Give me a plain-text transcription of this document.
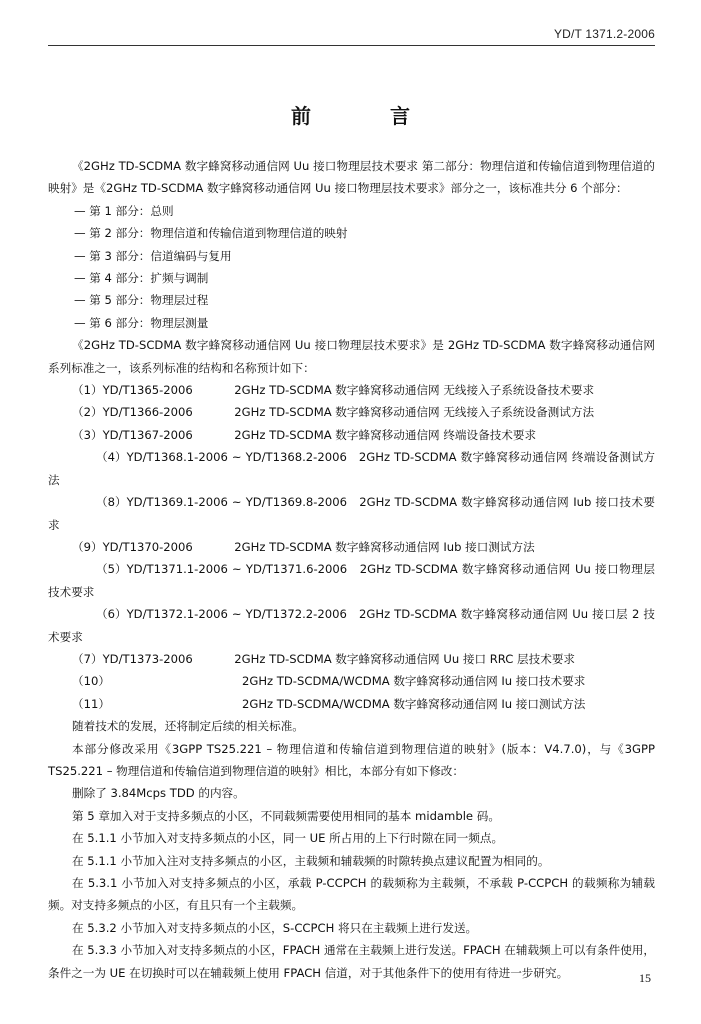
YD/T 1371.2-2006
前 言

《2GHz TD-SCDMA 数字蜂窝移动通信网 Uu 接口物理层技术要求 第二部分：物理信道和传输信道到物理信道的映射》是《2GHz TD-SCDMA 数字蜂窝移动通信网 Uu 接口物理层技术要求》部分之一，该标准共分 6 个部分：

— 第 1 部分：总则

— 第 2 部分：物理信道和传输信道到物理信道的映射

— 第 3 部分：信道编码与复用

— 第 4 部分：扩频与调制

— 第 5 部分：物理层过程

— 第 6 部分：物理层测量

《2GHz TD-SCDMA 数字蜂窝移动通信网 Uu 接口物理层技术要求》是 2GHz TD-SCDMA 数字蜂窝移动通信网系列标准之一，该系列标准的结构和名称预计如下：

（1）YD/T1365-2006	2GHz TD-SCDMA 数字蜂窝移动通信网 无线接入子系统设备技术要求

（2）YD/T1366-2006	2GHz TD-SCDMA 数字蜂窝移动通信网 无线接入子系统设备测试方法

（3）YD/T1367-2006	2GHz TD-SCDMA 数字蜂窝移动通信网 终端设备技术要求

（4）YD/T1368.1-2006 ~ YD/T1368.2-2006 2GHz TD-SCDMA 数字蜂窝移动通信网 终端设备测试方法

（8）YD/T1369.1-2006 ~ YD/T1369.8-2006 2GHz TD-SCDMA 数字蜂窝移动通信网 Iub 接口技术要求

（9）YD/T1370-2006	2GHz TD-SCDMA 数字蜂窝移动通信网 Iub 接口测试方法

（5）YD/T1371.1-2006 ~ YD/T1371.6-2006 2GHz TD-SCDMA 数字蜂窝移动通信网 Uu 接口物理层技术要求

（6）YD/T1372.1-2006 ~ YD/T1372.2-2006 2GHz TD-SCDMA 数字蜂窝移动通信网 Uu 接口层 2 技术要求

（7）YD/T1373-2006	2GHz TD-SCDMA 数字蜂窝移动通信网 Uu 接口 RRC 层技术要求

（10）	2GHz TD-SCDMA/WCDMA 数字蜂窝移动通信网 Iu 接口技术要求

（11）	2GHz TD-SCDMA/WCDMA 数字蜂窝移动通信网 Iu 接口测试方法

随着技术的发展，还将制定后续的相关标准。

本部分修改采用《3GPP TS25.221 – 物理信道和传输信道到物理信道的映射》(版本：V4.7.0)，与《3GPP TS25.221 – 物理信道和传输信道到物理信道的映射》相比，本部分有如下修改：

删除了 3.84Mcps TDD 的内容。

第 5 章加入对于支持多频点的小区，不同载频需要使用相同的基本 midamble 码。

在 5.1.1 小节加入对支持多频点的小区，同一 UE 所占用的上下行时隙在同一频点。

在 5.1.1 小节加入注对支持多频点的小区，主载频和辅载频的时隙转换点建议配置为相同的。

在 5.3.1 小节加入对支持多频点的小区，承载 P-CCPCH 的载频称为主载频，不承载 P-CCPCH 的载频称为辅载频。对支持多频点的小区，有且只有一个主载频。

在 5.3.2 小节加入对支持多频点的小区，S-CCPCH 将只在主载频上进行发送。

在 5.3.3 小节加入对支持多频点的小区，FPACH 通常在主载频上进行发送。FPACH 在辅载频上可以有条件使用，条件之一为 UE 在切换时可以在辅载频上使用 FPACH 信道，对于其他条件下的使用有待进一步研究。	15
